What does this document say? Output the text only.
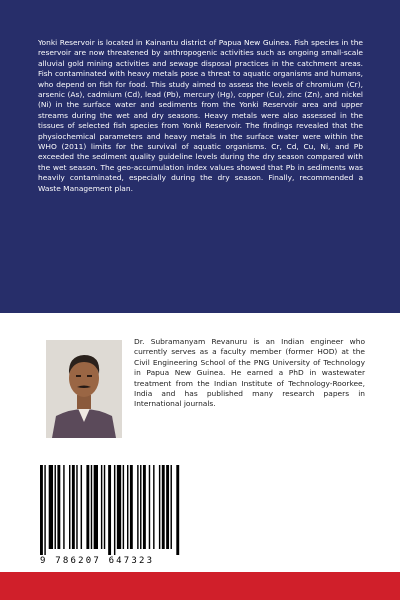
Yonki Reservoir is located in Kainantu district of Papua New Guinea. Fish species in the reservoir are now threatened by anthropogenic activities such as ongoing small-scale alluvial gold mining activities and sewage disposal practices in the catchment areas. Fish contaminated with heavy metals pose a threat to aquatic organisms and humans, who depend on fish for food. This study aimed to assess the levels of chromium (Cr), arsenic (As), cadmium (Cd), lead (Pb), mercury (Hg), copper (Cu), zinc (Zn), and nickel (Ni) in the surface water and sediments from the Yonki Reservoir area and upper streams during the wet and dry seasons. Heavy metals were also assessed in the tissues of selected fish species from Yonki Reservoir. The findings revealed that the physiochemical parameters and heavy metals in the surface water were within the WHO (2011) limits for the survival of aquatic organisms. Cr, Cd, Cu, Ni, and Pb exceeded the sediment quality guideline levels during the dry season compared with the wet season. The geo-accumulation index values showed that Pb in sediments was heavily contaminated, especially during the dry season. Finally, recommended a Waste Management plan.

Dr. Subramanyam Revanuru is an Indian engineer who currently serves as a faculty member (former HOD) at the Civil Engineering School of the PNG University of Technology in Papua New Guinea. He earned a PhD in wastewater treatment from the Indian Institute of Technology-Roorkee, India and has published many research papers in International journals.

9 786207 647323
